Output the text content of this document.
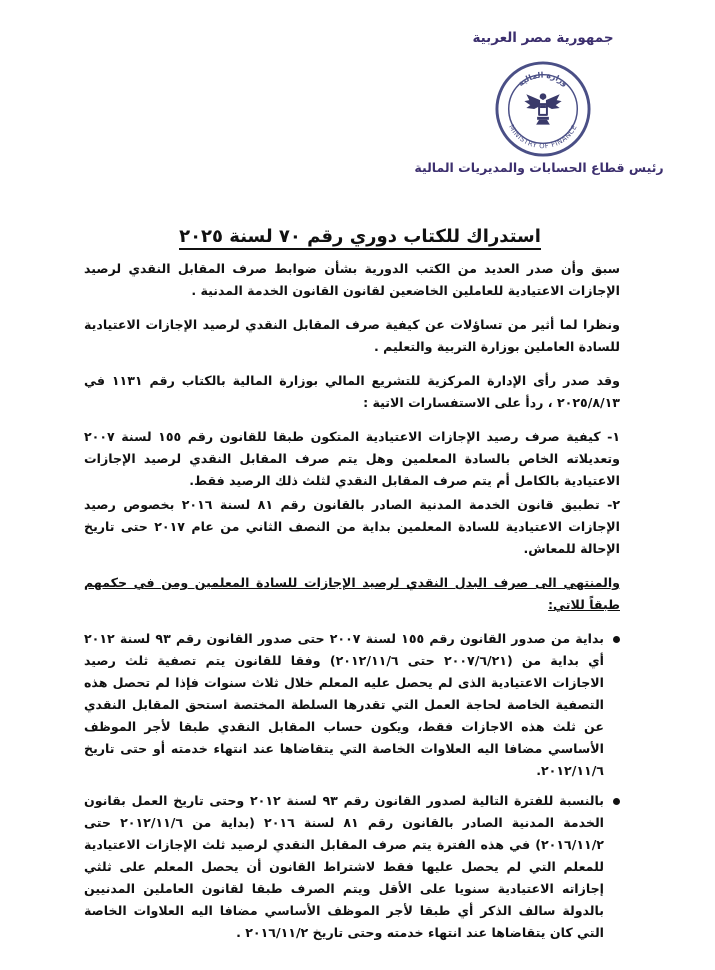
جمهورية مصر العربية
وزارة المالية
MINISTRY OF FINANCE
رئيس قطاع الحسابات والمديريات المالية
استدراك للكتاب دوري رقم ٧٠ لسنة ٢٠٢٥

سبق وأن صدر العديد من الكتب الدورية بشأن ضوابط صرف المقابل النقدي لرصيد الإجازات الاعتيادية للعاملين الخاضعين لقانون القانون الخدمة المدنية .

ونظرا لما أثير من تساؤلات عن كيفية صرف المقابل النقدي لرصيد الإجازات الاعتيادية للسادة العاملين بوزارة التربية والتعليم .

وقد صدر رأى الإدارة المركزية للتشريع المالي بوزارة المالية بالكتاب رقم ١١٣١ في ٢٠٢٥/٨/١٣ ، ردأ على الاستفسارات الاتية :

١- كيفية صرف رصيد الإجازات الاعتيادية المتكون طبقا للقانون رقم ١٥٥ لسنة ٢٠٠٧ وتعديلاته الخاص بالسادة المعلمين وهل يتم صرف المقابل النقدي لرصيد الإجازات الاعتيادية بالكامل أم يتم صرف المقابل النقدي لثلث ذلك الرصيد فقط.
٢- تطبيق قانون الخدمة المدنية الصادر بالقانون رقم ٨١ لسنة ٢٠١٦ بخصوص رصيد الإجازات الاعتيادية للسادة المعلمين بداية من النصف الثاني من عام ٢٠١٧ حتى تاريخ الإحالة للمعاش.

والمنتهي الى صرف البدل النقدي لرصيد الإجازات للسادة المعلمين ومن في حكمهم طبقاً للاتي:

بداية من صدور القانون رقم ١٥٥ لسنة ٢٠٠٧ حتى صدور القانون رقم ٩٣ لسنة ٢٠١٢ أي بداية من (٢٠٠٧/٦/٢١ حتى ٢٠١٢/١١/٦) وفقا للقانون يتم تصفية ثلث رصيد الاجازات الاعتيادية الذى لم يحصل عليه المعلم خلال ثلاث سنوات فإذا لم تحصل هذه التصفية الخاصة لحاجة العمل التي تقدرها السلطة المختصة استحق المقابل النقدي عن ثلث هذه الاجازات فقط، ويكون حساب المقابل النقدي طبقا لأجر الموظف الأساسي مضافا اليه العلاوات الخاصة التي يتقاضاها عند انتهاء خدمته أو حتى تاريخ ٢٠١٢/١١/٦.
بالنسبة للفترة التالية لصدور القانون رقم ٩٣ لسنة ٢٠١٢ وحتى تاريخ العمل بقانون الخدمة المدنية الصادر بالقانون رقم ٨١ لسنة ٢٠١٦ (بداية من ٢٠١٢/١١/٦ حتى ٢٠١٦/١١/٢) في هذه الفترة يتم صرف المقابل النقدي لرصيد ثلث الإجازات الاعتيادية للمعلم التي لم يحصل عليها فقط لاشتراط القانون أن يحصل المعلم على ثلثي إجازاته الاعتيادية سنويا على الأقل ويتم الصرف طبقا لقانون العاملين المدنيين بالدولة سالف الذكر أي طبقا لأجر الموظف الأساسي مضافا اليه العلاوات الخاصة التي كان يتقاضاها عند انتهاء خدمته وحتى تاريخ ٢٠١٦/١١/٢ .
